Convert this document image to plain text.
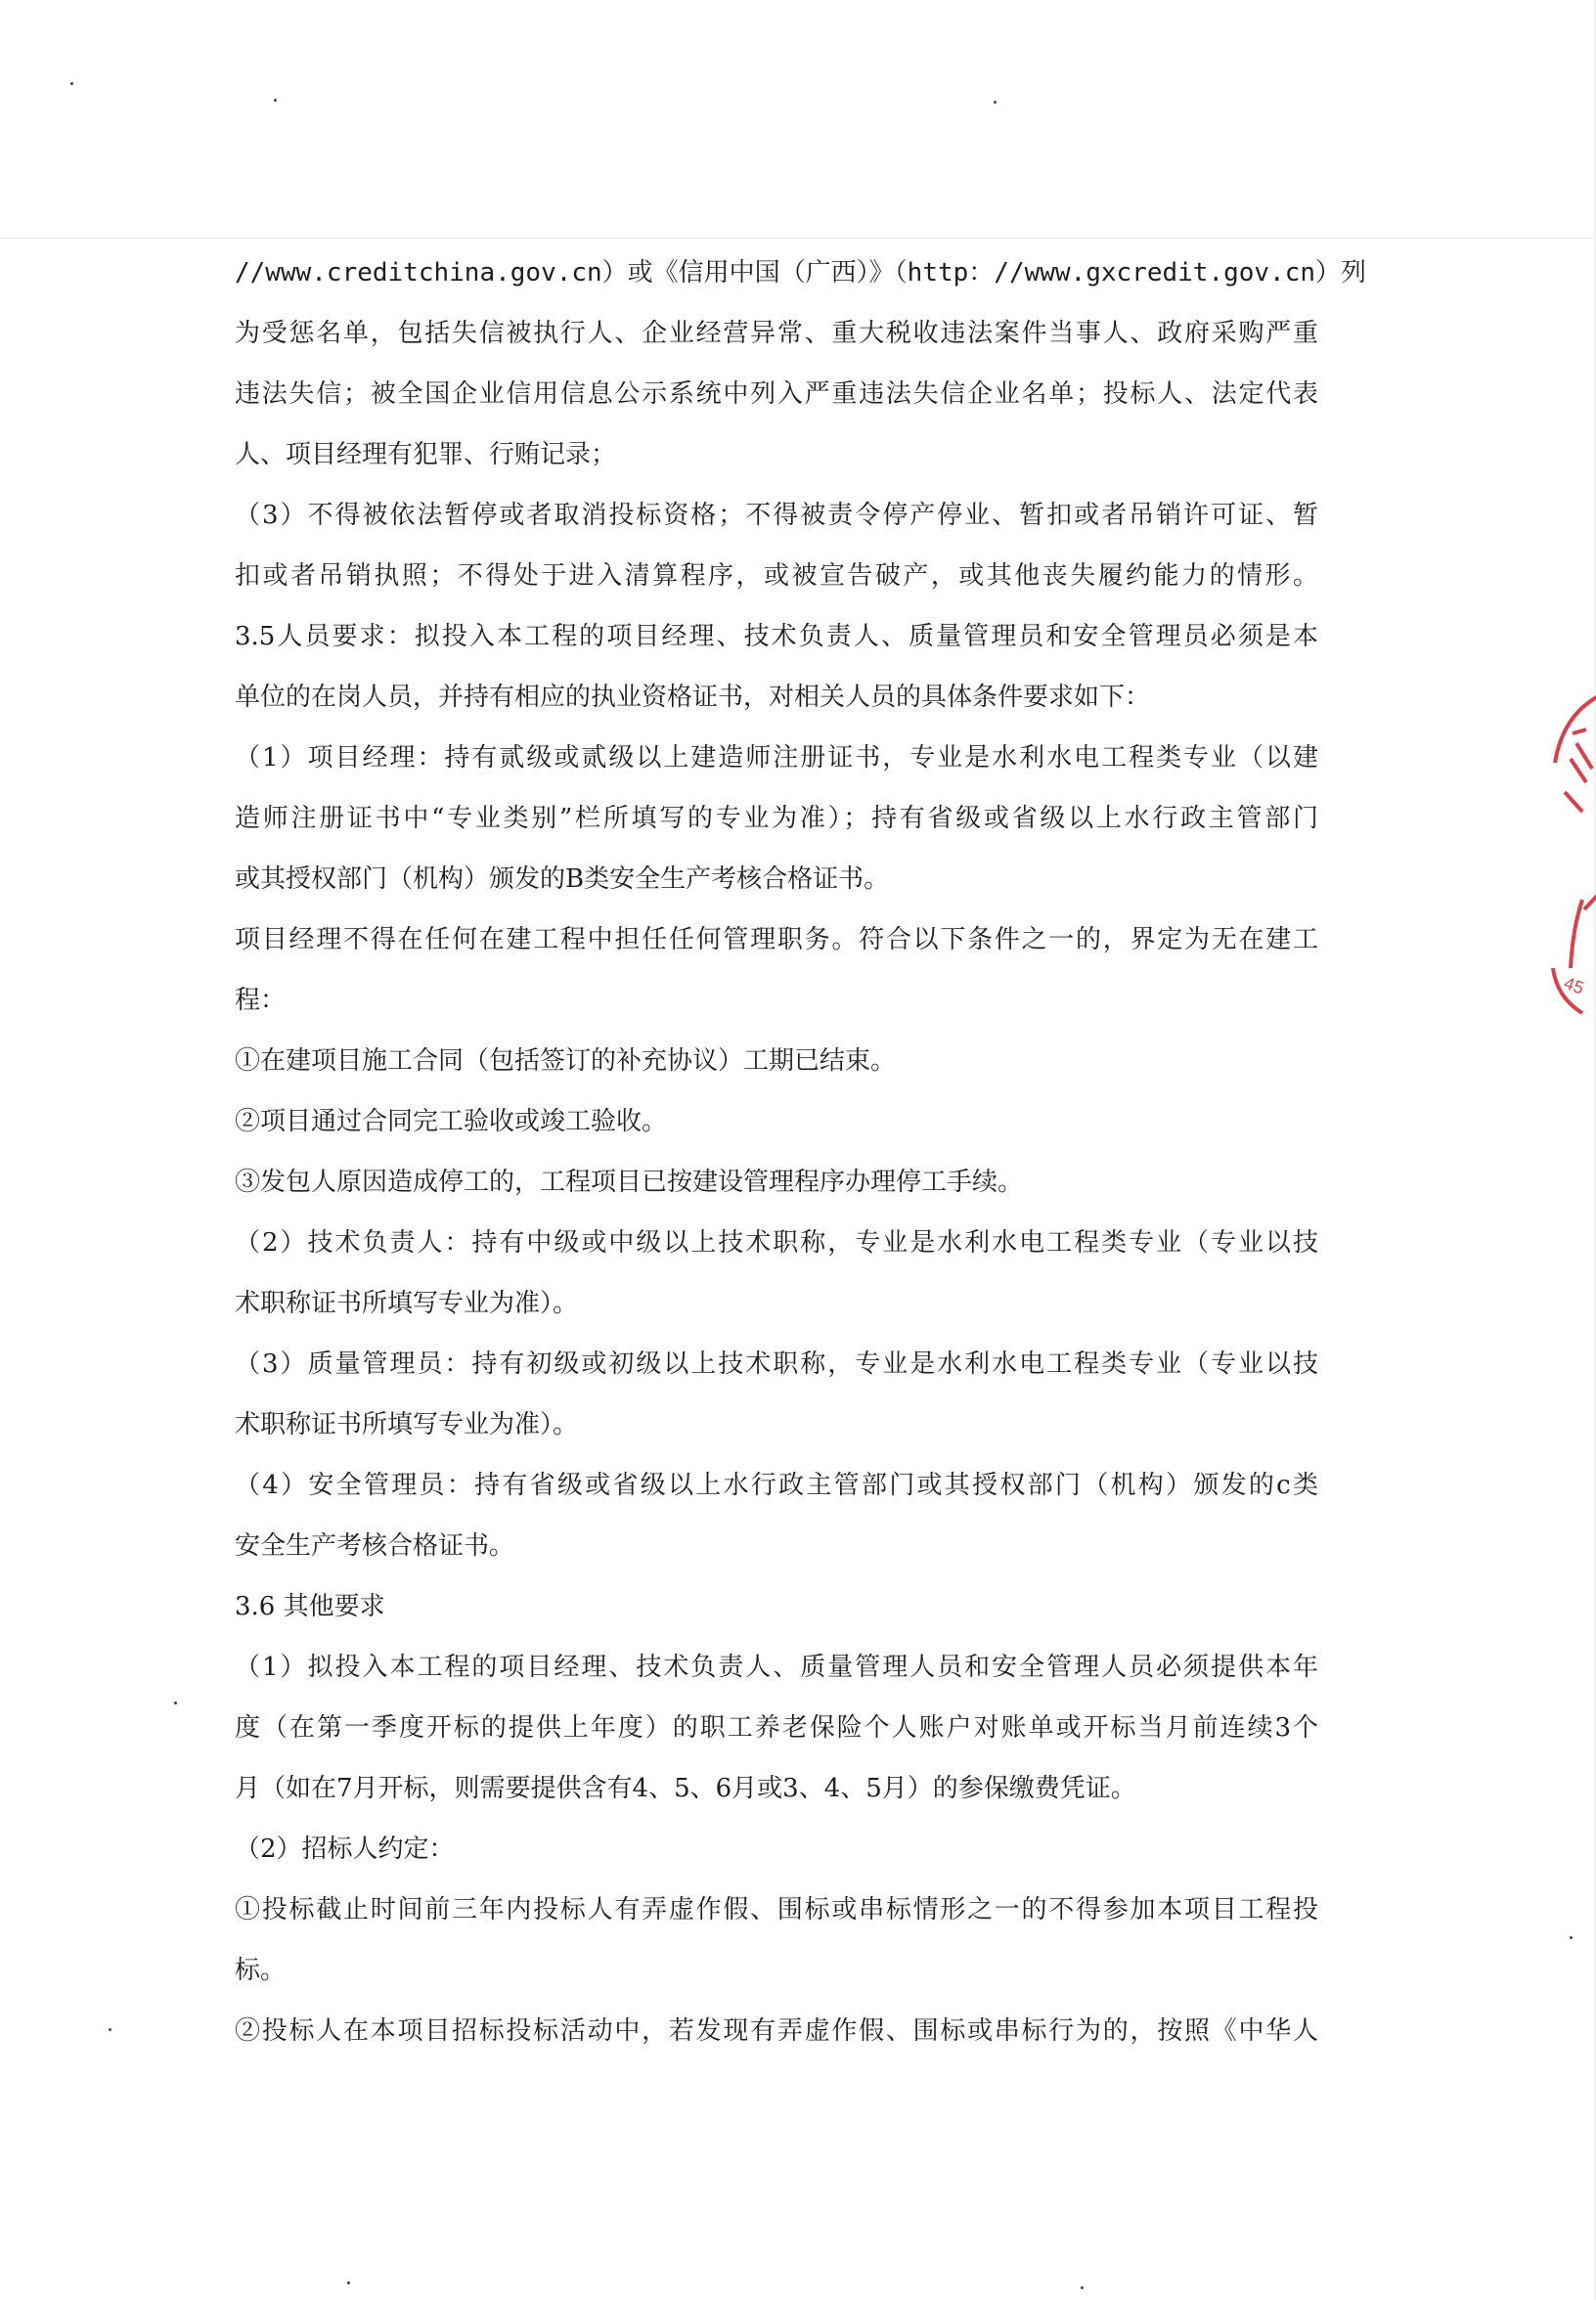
//www.creditchina.gov.cn）或《信用中国（广西）》（http：//www.gxcredit.gov.cn）列
为受惩名单，包括失信被执行人、企业经营异常、重大税收违法案件当事人、政府采购严重
违法失信；被全国企业信用信息公示系统中列入严重违法失信企业名单；投标人、法定代表
人、项目经理有犯罪、行贿记录；
（3）不得被依法暂停或者取消投标资格；不得被责令停产停业、暂扣或者吊销许可证、暂
扣或者吊销执照；不得处于进入清算程序，或被宣告破产，或其他丧失履约能力的情形。
3.5人员要求：拟投入本工程的项目经理、技术负责人、质量管理员和安全管理员必须是本
单位的在岗人员，并持有相应的执业资格证书，对相关人员的具体条件要求如下：
（1）项目经理：持有贰级或贰级以上建造师注册证书，专业是水利水电工程类专业（以建
造师注册证书中“专业类别”栏所填写的专业为准）；持有省级或省级以上水行政主管部门
或其授权部门（机构）颁发的B类安全生产考核合格证书。
项目经理不得在任何在建工程中担任任何管理职务。符合以下条件之一的，界定为无在建工
程：
①在建项目施工合同（包括签订的补充协议）工期已结束。
②项目通过合同完工验收或竣工验收。
③发包人原因造成停工的，工程项目已按建设管理程序办理停工手续。
（2）技术负责人：持有中级或中级以上技术职称，专业是水利水电工程类专业（专业以技
术职称证书所填写专业为准）。
（3）质量管理员：持有初级或初级以上技术职称，专业是水利水电工程类专业（专业以技
术职称证书所填写专业为准）。
（4）安全管理员：持有省级或省级以上水行政主管部门或其授权部门（机构）颁发的c类
安全生产考核合格证书。
3.6 其他要求
（1）拟投入本工程的项目经理、技术负责人、质量管理人员和安全管理人员必须提供本年
度（在第一季度开标的提供上年度）的职工养老保险个人账户对账单或开标当月前连续3个
月（如在7月开标，则需要提供含有4、5、6月或3、4、5月）的参保缴费凭证。
（2）招标人约定：
①投标截止时间前三年内投标人有弄虚作假、围标或串标情形之一的不得参加本项目工程投
标。
②投标人在本项目招标投标活动中，若发现有弄虚作假、围标或串标行为的，按照《中华人
45
